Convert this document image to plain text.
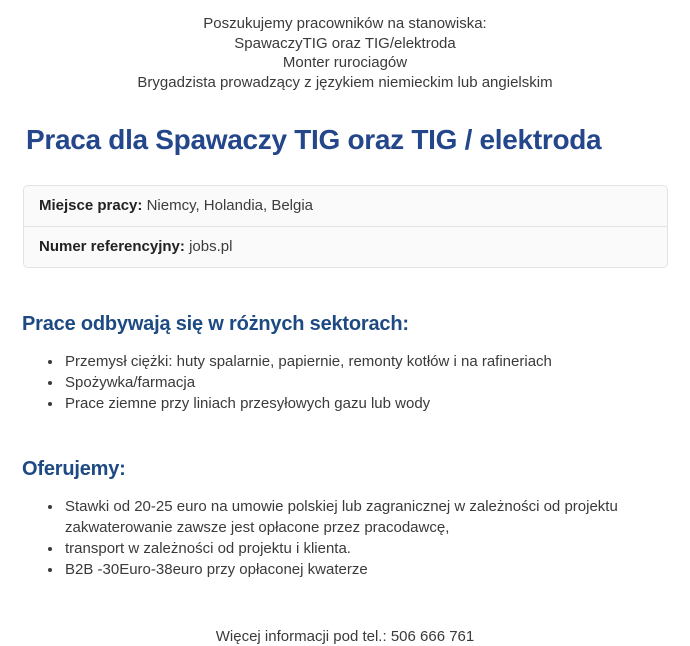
Poszukujemy pracowników na stanowiska:
SpawaczyTIG oraz TIG/elektroda
Monter rurociagów
Brygadzista prowadzący z językiem niemieckim lub angielskim
Praca dla Spawaczy TIG oraz TIG / elektroda
Miejsce pracy: Niemcy, Holandia, Belgia
Numer referencyjny: jobs.pl
Prace odbywają się w różnych sektorach:
• Przemysł ciężki: huty spalarnie, papiernie, remonty kotłów i na rafineriach
• Spożywka/farmacja
• Prace ziemne przy liniach przesyłowych gazu lub wody
Oferujemy:
• Stawki od 20-25 euro na umowie polskiej lub zagranicznej w zależności od projektu zakwaterowanie zawsze jest opłacone przez pracodawcę,
• transport w zależności od projektu i klienta.
• B2B -30Euro-38euro przy opłaconej kwaterze
Więcej informacji pod tel.: 506 666 761
